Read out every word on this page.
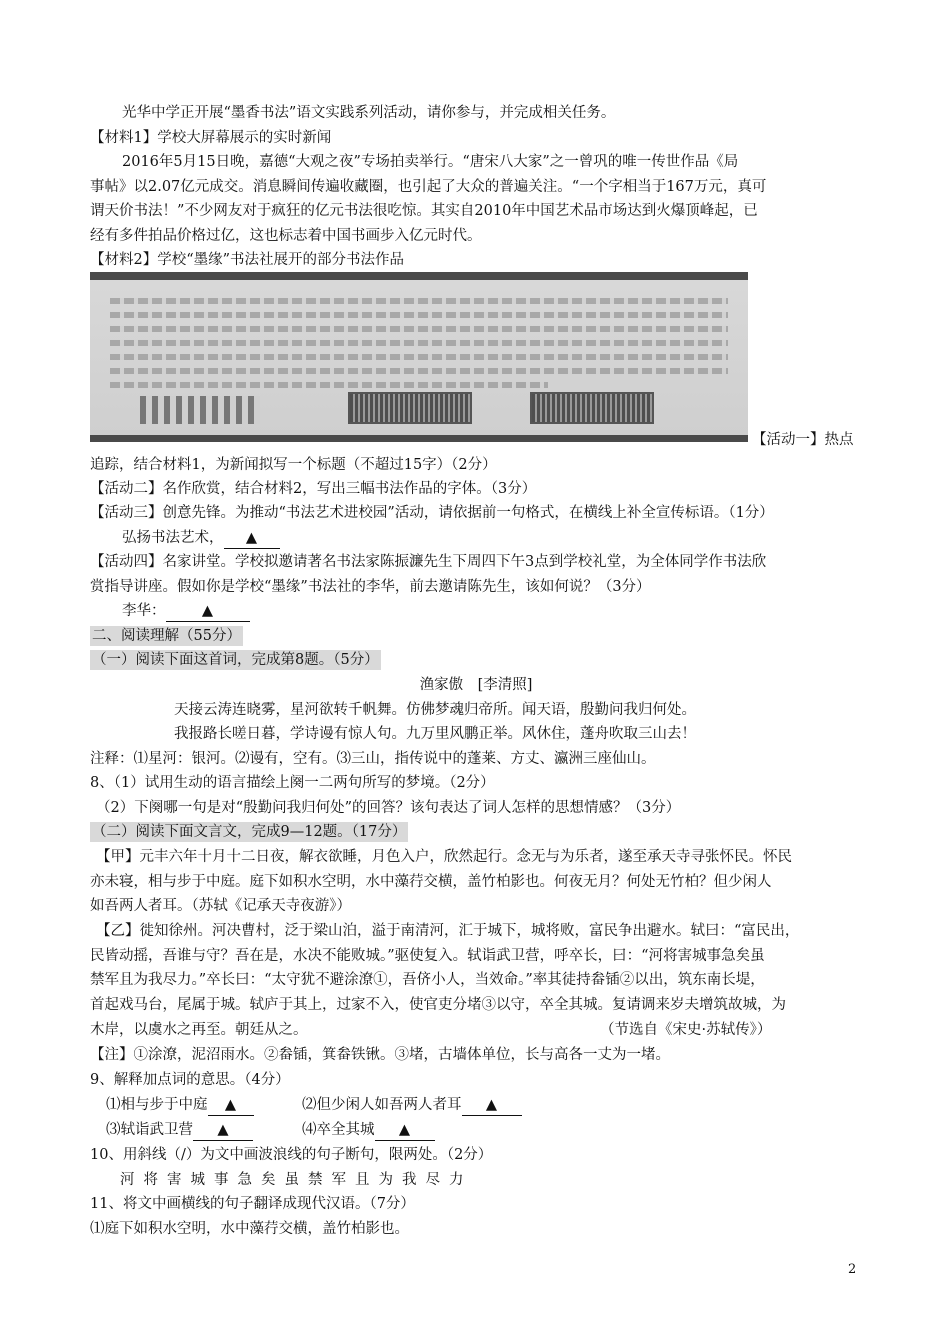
光华中学正开展“墨香书法”语文实践系列活动，请你参与，并完成相关任务。
【材料1】学校大屏幕展示的实时新闻
2016年5月15日晚，嘉德“大观之夜”专场拍卖举行。“唐宋八大家”之一曾巩的唯一传世作品《局
事帖》以2.07亿元成交。消息瞬间传遍收藏圈，也引起了大众的普遍关注。“一个字相当于167万元，真可
谓天价书法！”不少网友对于疯狂的亿元书法很吃惊。其实自2010年中国艺术品市场达到火爆顶峰起，已
经有多件拍品价格过亿，这也标志着中国书画步入亿元时代。
【材料2】学校“墨缘”书法社展开的部分书法作品
【活动一】热点
追踪，结合材料1，为新闻拟写一个标题（不超过15字）（2分）
【活动二】名作欣赏，结合材料2，写出三幅书法作品的字体。（3分）
【活动三】创意先锋。为推动“书法艺术进校园”活动，请依据前一句格式，在横线上补全宣传标语。（1分）
弘扬书法艺术， ▲
【活动四】名家讲堂。学校拟邀请著名书法家陈振濂先生下周四下午3点到学校礼堂，为全体同学作书法欣
赏指导讲座。假如你是学校“墨缘”书法社的李华，前去邀请陈先生，该如何说？（3分）
李华：	▲
二、阅读理解（55分）
（一）阅读下面这首词，完成第8题。（5分）
渔家傲　[李清照]
天接云涛连晓雾，星河欲转千帆舞。仿佛梦魂归帝所。闻天语，殷勤问我归何处。
我报路长嗟日暮，学诗谩有惊人句。九万里风鹏正举。风休住，蓬舟吹取三山去！
注释：⑴星河：银河。⑵谩有，空有。⑶三山，指传说中的蓬莱、方丈、瀛洲三座仙山。
8、（1）试用生动的语言描绘上阕一二两句所写的梦境。（2分）
（2）下阕哪一句是对“殷勤问我归何处”的回答？该句表达了词人怎样的思想情感？（3分）
（二）阅读下面文言文，完成9—12题。（17分）
【甲】元丰六年十月十二日夜，解衣欲睡，月色入户，欣然起行。念无与为乐者，遂至承天寺寻张怀民。怀民
亦未寝，相与步于中庭。庭下如积水空明，水中藻荇交横，盖竹柏影也。何夜无月？何处无竹柏？但少闲人
如吾两人者耳。（苏轼《记承天寺夜游》）
【乙】徙知徐州。河决曹村，泛于梁山泊，溢于南清河，汇于城下，城将败，富民争出避水。轼曰：“富民出，
民皆动摇，吾谁与守？吾在是，水决不能败城。”驱使复入。轼诣武卫营，呼卒长，曰：“河将害城事急矣虽
禁军且为我尽力。”卒长曰：“太守犹不避涂潦①，吾侪小人，当效命。”率其徒持畚锸②以出，筑东南长堤，
首起戏马台，尾属于城。轼庐于其上，过家不入，使官吏分堵③以守，卒全其城。复请调来岁夫增筑故城，为
木岸，以虞水之再至。朝廷从之。	（节选自《宋史·苏轼传》）
【注】①涂潦，泥沼雨水。②畚锸，箕畚铁锹。③堵，古墙体单位，长与高各一丈为一堵。
9、解释加点词的意思。（4分）
⑴相与步于中庭 ▲	⑵但少闲人如吾两人者耳 ▲
⑶轼诣武卫营 ▲	⑷卒全其城 ▲
10、用斜线（/）为文中画波浪线的句子断句，限两处。（2分）
河将害城事急矣虽禁军且为我尽力
11、将文中画横线的句子翻译成现代汉语。（7分）
⑴庭下如积水空明，水中藻荇交横，盖竹柏影也。
2
